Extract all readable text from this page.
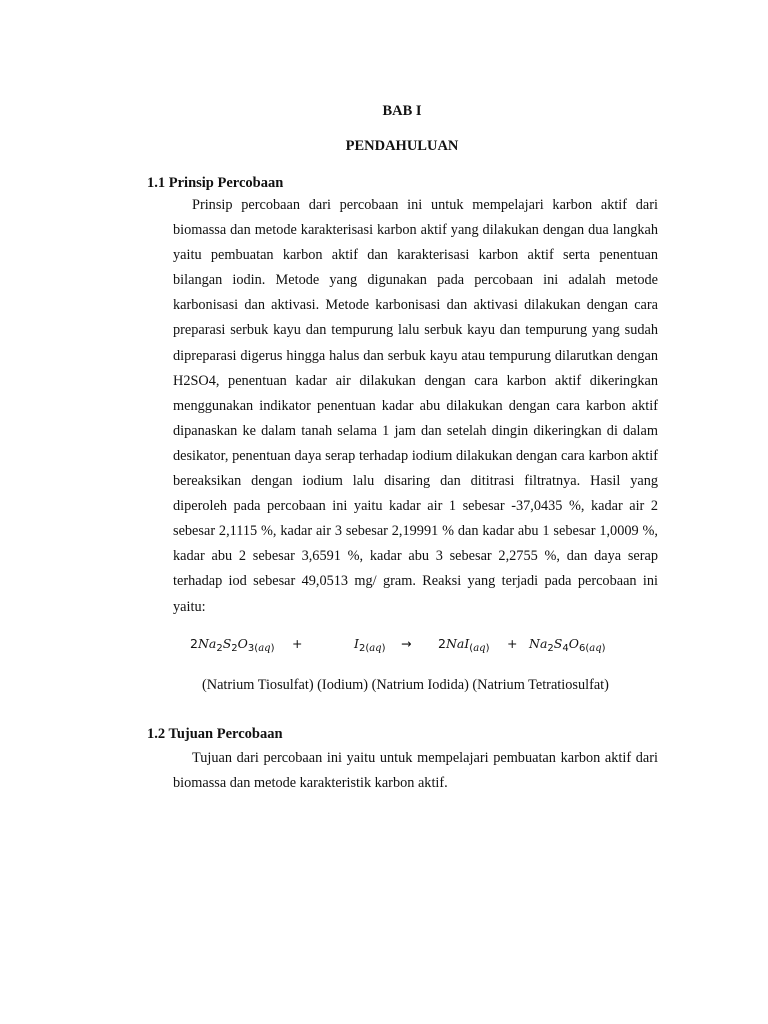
BAB I
PENDAHULUAN
1.1 Prinsip Percobaan

Prinsip percobaan dari percobaan ini untuk mempelajari karbon aktif dari biomassa dan metode karakterisasi karbon aktif yang dilakukan dengan dua langkah yaitu pembuatan karbon aktif dan karakterisasi karbon aktif serta penentuan bilangan iodin. Metode yang digunakan pada percobaan ini adalah metode karbonisasi dan aktivasi. Metode karbonisasi dan aktivasi dilakukan dengan cara preparasi serbuk kayu dan tempurung lalu serbuk kayu dan tempurung yang sudah dipreparasi digerus hingga halus dan serbuk kayu atau tempurung dilarutkan dengan H2SO4, penentuan kadar air dilakukan dengan cara karbon aktif dikeringkan menggunakan indikator penentuan kadar abu dilakukan dengan cara karbon aktif dipanaskan ke dalam tanah selama 1 jam dan setelah dingin dikeringkan di dalam desikator, penentuan daya serap terhadap iodium dilakukan dengan cara karbon aktif bereaksikan dengan iodium lalu disaring dan dititrasi filtratnya. Hasil yang diperoleh pada percobaan ini yaitu kadar air 1 sebesar -37,0435 %, kadar air 2 sebesar 2,1115 %, kadar air 3 sebesar 2,19991 % dan kadar abu 1 sebesar 1,0009 %, kadar abu 2 sebesar 3,6591 %, kadar abu 3 sebesar 2,2755 %, dan daya serap terhadap iod sebesar 49,0513 mg/ gram. Reaksi yang terjadi pada percobaan ini yaitu:

$2Na_2S_2O_{3(aq)}$ +	$I_{2(aq)} \to 2NaI_{(aq)} + Na_2S_4O_{6(aq)}$
(Natrium Tiosulfat) (Iodium) (Natrium Iodida) (Natrium Tetratiosulfat)
1.2 Tujuan Percobaan

Tujuan dari percobaan ini yaitu untuk mempelajari pembuatan karbon aktif dari biomassa dan metode karakteristik karbon aktif.
